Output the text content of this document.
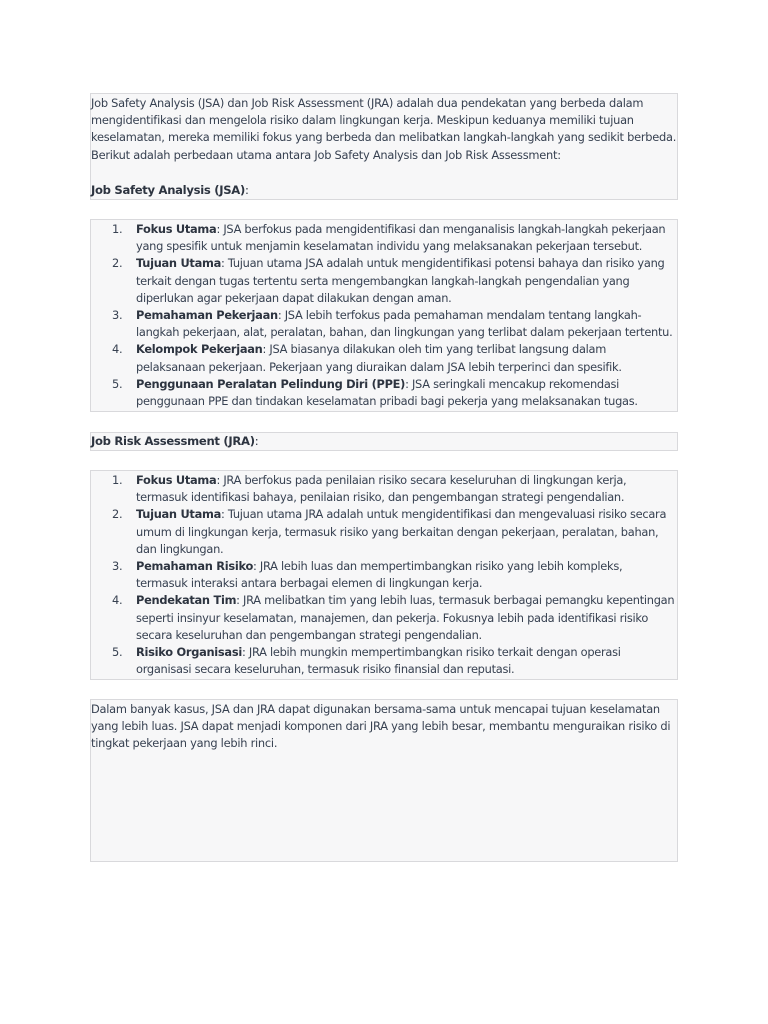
Job Safety Analysis (JSA) dan Job Risk Assessment (JRA) adalah dua pendekatan yang berbeda dalam mengidentifikasi dan mengelola risiko dalam lingkungan kerja. Meskipun keduanya memiliki tujuan keselamatan, mereka memiliki fokus yang berbeda dan melibatkan langkah-langkah yang sedikit berbeda. Berikut adalah perbedaan utama antara Job Safety Analysis dan Job Risk Assessment:

Job Safety Analysis (JSA):
1. Fokus Utama: JSA berfokus pada mengidentifikasi dan menganalisis langkah-langkah pekerjaan yang spesifik untuk menjamin keselamatan individu yang melaksanakan pekerjaan tersebut.
2. Tujuan Utama: Tujuan utama JSA adalah untuk mengidentifikasi potensi bahaya dan risiko yang terkait dengan tugas tertentu serta mengembangkan langkah-langkah pengendalian yang diperlukan agar pekerjaan dapat dilakukan dengan aman.
3. Pemahaman Pekerjaan: JSA lebih terfokus pada pemahaman mendalam tentang langkah-langkah pekerjaan, alat, peralatan, bahan, dan lingkungan yang terlibat dalam pekerjaan tertentu.
4. Kelompok Pekerjaan: JSA biasanya dilakukan oleh tim yang terlibat langsung dalam pelaksanaan pekerjaan. Pekerjaan yang diuraikan dalam JSA lebih terperinci dan spesifik.
5. Penggunaan Peralatan Pelindung Diri (PPE): JSA seringkali mencakup rekomendasi penggunaan PPE dan tindakan keselamatan pribadi bagi pekerja yang melaksanakan tugas.
Job Risk Assessment (JRA):
1. Fokus Utama: JRA berfokus pada penilaian risiko secara keseluruhan di lingkungan kerja, termasuk identifikasi bahaya, penilaian risiko, dan pengembangan strategi pengendalian.
2. Tujuan Utama: Tujuan utama JRA adalah untuk mengidentifikasi dan mengevaluasi risiko secara umum di lingkungan kerja, termasuk risiko yang berkaitan dengan pekerjaan, peralatan, bahan, dan lingkungan.
3. Pemahaman Risiko: JRA lebih luas dan mempertimbangkan risiko yang lebih kompleks, termasuk interaksi antara berbagai elemen di lingkungan kerja.
4. Pendekatan Tim: JRA melibatkan tim yang lebih luas, termasuk berbagai pemangku kepentingan seperti insinyur keselamatan, manajemen, dan pekerja. Fokusnya lebih pada identifikasi risiko secara keseluruhan dan pengembangan strategi pengendalian.
5. Risiko Organisasi: JRA lebih mungkin mempertimbangkan risiko terkait dengan operasi organisasi secara keseluruhan, termasuk risiko finansial dan reputasi.

Dalam banyak kasus, JSA dan JRA dapat digunakan bersama-sama untuk mencapai tujuan keselamatan yang lebih luas. JSA dapat menjadi komponen dari JRA yang lebih besar, membantu menguraikan risiko di tingkat pekerjaan yang lebih rinci.
